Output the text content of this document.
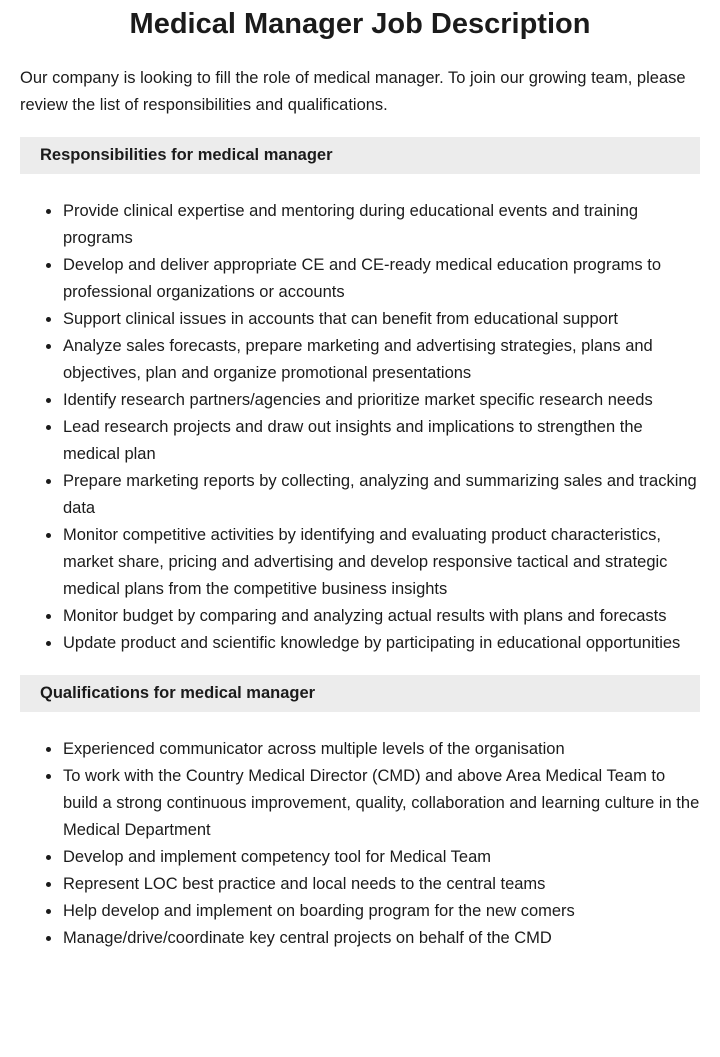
Medical Manager Job Description

Our company is looking to fill the role of medical manager. To join our growing team, please review the list of responsibilities and qualifications.

Responsibilities for medical manager
• Provide clinical expertise and mentoring during educational events and training programs
• Develop and deliver appropriate CE and CE-ready medical education programs to professional organizations or accounts
• Support clinical issues in accounts that can benefit from educational support
• Analyze sales forecasts, prepare marketing and advertising strategies, plans and objectives, plan and organize promotional presentations
• Identify research partners/agencies and prioritize market specific research needs
• Lead research projects and draw out insights and implications to strengthen the medical plan
• Prepare marketing reports by collecting, analyzing and summarizing sales and tracking data
• Monitor competitive activities by identifying and evaluating product characteristics, market share, pricing and advertising and develop responsive tactical and strategic medical plans from the competitive business insights
• Monitor budget by comparing and analyzing actual results with plans and forecasts
• Update product and scientific knowledge by participating in educational opportunities
Qualifications for medical manager
• Experienced communicator across multiple levels of the organisation
• To work with the Country Medical Director (CMD) and above Area Medical Team to build a strong continuous improvement, quality, collaboration and learning culture in the Medical Department
• Develop and implement competency tool for Medical Team
• Represent LOC best practice and local needs to the central teams
• Help develop and implement on boarding program for the new comers
• Manage/drive/coordinate key central projects on behalf of the CMD
